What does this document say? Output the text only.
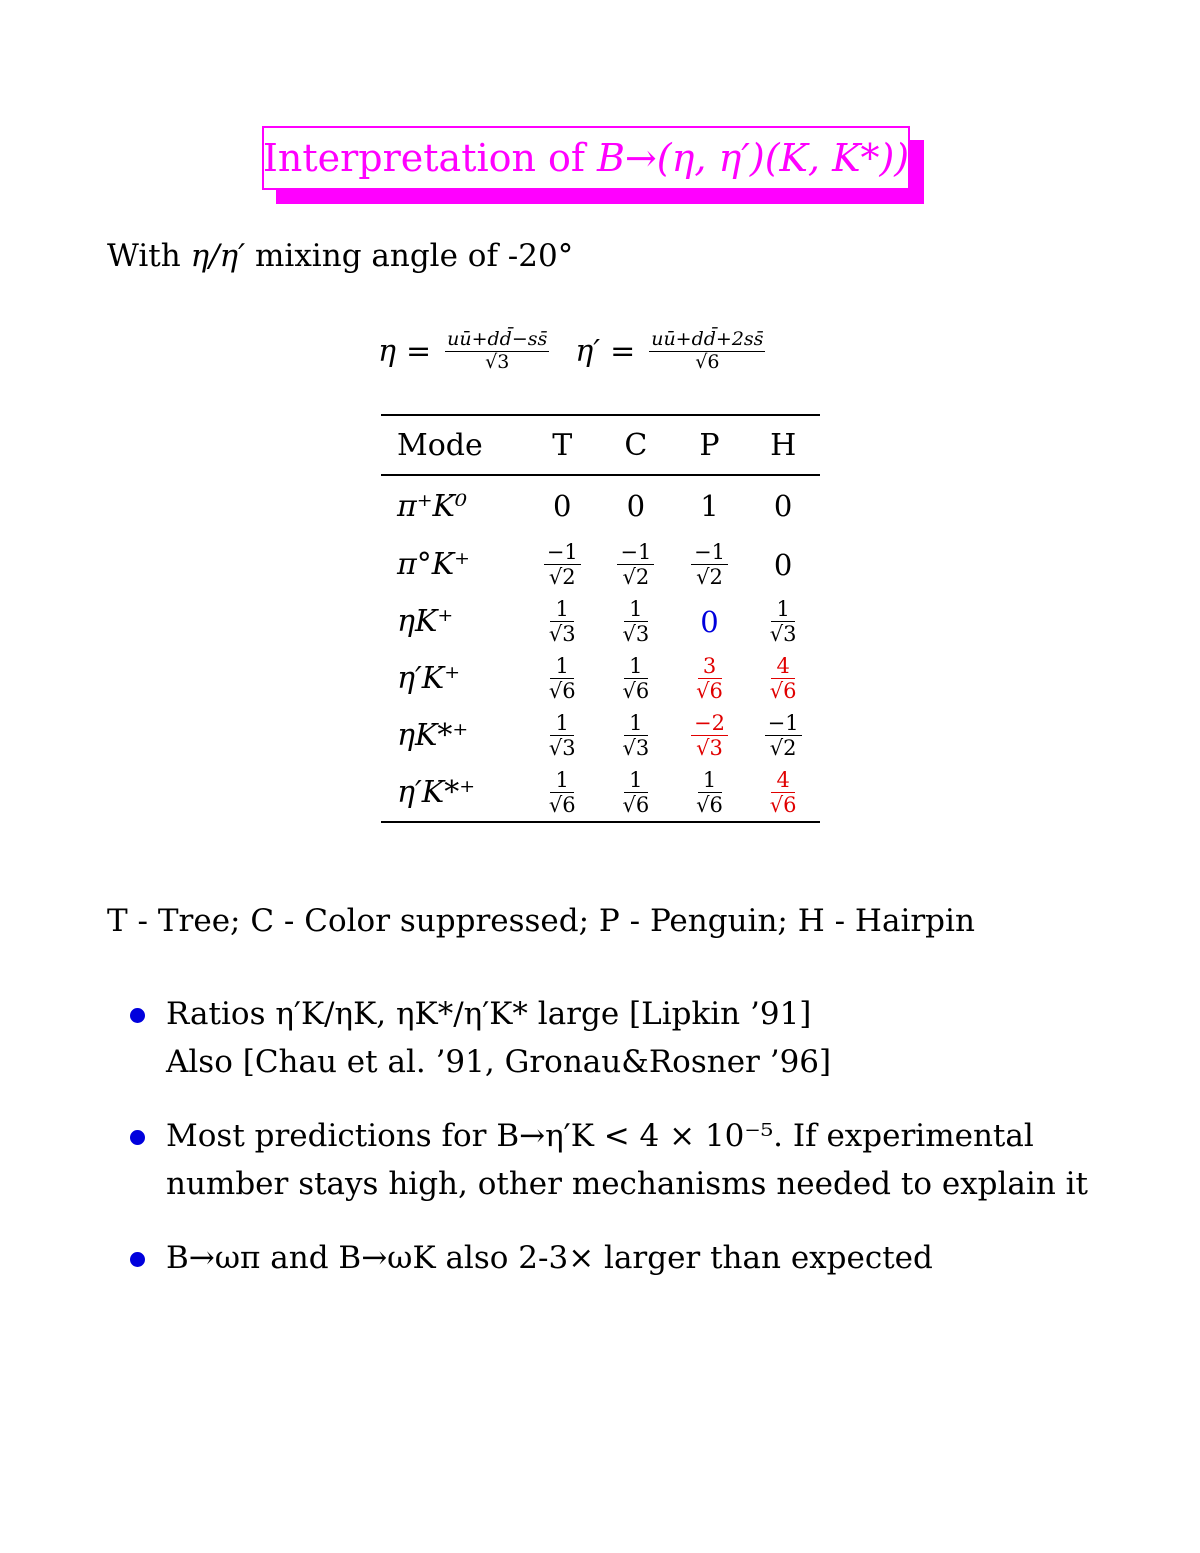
Interpretation of B→(η, η′)(K, K*))
With η/η′ mixing angle of -20°
$\eta = \frac{uū+dd̄-ss̄}{√3} \eta' = \frac{uū+dd̄+2ss̄}{√6}$
Mode	T	C	P	H
π⁺K⁰	0 0 1 0
π°K⁺	$\frac{-1}{√2} \frac{-1}{√2} \frac{-1}{√2} 0$
ηK⁺	$\frac{1}{√3} \frac{1}{√3} 0 \frac{1}{√3}$
η′K⁺	$\frac{1}{√6} \frac{1}{√6} \frac{3}{√6} \frac{4}{√6}$
ηK*⁺	$\frac{1}{√3} \frac{1}{√3} \frac{-2}{√3} \frac{-1}{√2}$
η′K*⁺	$\frac{1}{√6} \frac{1}{√6} \frac{1}{√6} \frac{4}{√6}$
T - Tree; C - Color suppressed; P - Penguin; H - Hairpin
Ratios η′K/ηK, ηK*/η′K* large [Lipkin ’91]
Also [Chau et al. ’91, Gronau&Rosner ’96]
Most predictions for B→η′K < 4 × 10⁻⁵. If experimental
number stays high, other mechanisms needed to explain it
B→ωπ and B→ωK also 2-3× larger than expected
